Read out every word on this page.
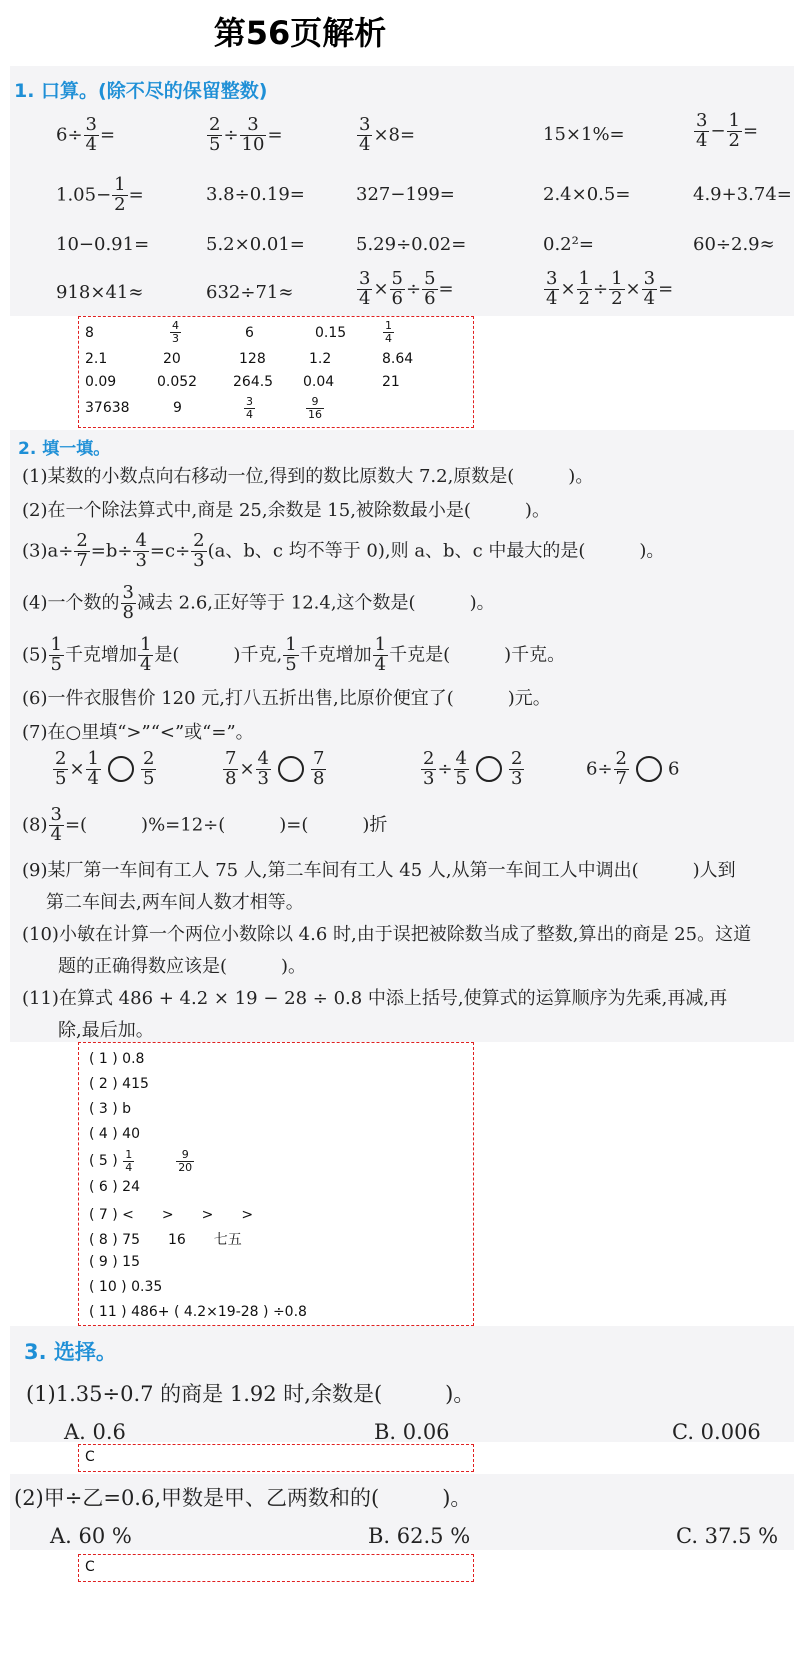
第56页解析
1. 口算。(除不尽的保留整数)
$6\div \frac{3}{4}$ =	$\frac{2}{5} \div \frac{3}{10}$ =	$\frac{3}{4} \times 8=$	15×1%=	$\frac{3}{4} - \frac{1}{2}$ =
$1.05- \frac{1}{2}$ =	3.8÷0.19=	327−199=	2.4×0.5=	4.9+3.74=
10−0.91=	5.2×0.01=	5.29÷0.02=	0.2²=	60÷2.9≈
918×41≈	632÷71≈	$\frac{3}{4} \times \frac{5}{6} \div \frac{5}{6}$ =	$\frac{3}{4} \times \frac{1}{2} \div \frac{1}{2} \times \frac{3}{4}$ =
8	$\frac{4}{3}$	6	0.15	$\frac{1}{4}$
2.1	20	128	1.2	8.64
0.09	0.052	264.5 0.04	21
37638	9	$\frac{3}{4}$	$\frac{9}{16}$
2. 填一填。
(1)某数的小数点向右移动一位,得到的数比原数大 7.2,原数是(　　　)。
(2)在一个除法算式中,商是 25,余数是 15,被除数最小是(　　　)。
$(3)a\div \frac{2}{7} =b\div \frac{4}{3} =c\div \frac{2}{3} (a$、b、c 均不等于 0),则 a、b、c 中最大的是(　　　)。
(4)一个数的 $\frac{3}{8}$ 减去 2.6,正好等于 12.4,这个数是(　　　)。
$(5) \frac{1}{5}$ 千克增加 $\frac{1}{4}$ 是(　　　)千克, $\frac{1}{5}$ 千克增加 $\frac{1}{4}$ 千克是(　　　)千克。
(6)一件衣服售价 120 元,打八五折出售,比原价便宜了(　　　)元。
(7)在○里填“>”“<”或“=”。
$\frac{2}{5} \times \frac{1}{4} \frac{2}{5}$	$\frac{7}{8} \times \frac{4}{3} \frac{7}{8}$	$\frac{2}{3} \div \frac{4}{5} \frac{2}{3}$	$6\div \frac{2}{7} 6$
$(8) \frac{3}{4}$ =(　　　)%=12÷(　　　)=(　　　)折
(9)某厂第一车间有工人 75 人,第二车间有工人 45 人,从第一车间工人中调出(　　　)人到
第二车间去,两车间人数才相等。
(10)小敏在计算一个两位小数除以 4.6 时,由于误把被除数当成了整数,算出的商是 25。这道
题的正确得数应该是(　　　)。
(11)在算式 486 + 4.2 × 19 − 28 ÷ 0.8 中添上括号,使算式的运算顺序为先乘,再减,再
除,最后加。
( 1 ) 0.8
( 2 ) 415
( 3 ) b
( 4 ) 40
( 5 ) $\frac{1}{4}$	$\frac{9}{20}$
( 6 ) 24
( 7 ) <　　>　　>　　>
( 8 ) 75　　16　　七五
( 9 ) 15
( 10 ) 0.35
( 11 ) 486+ ( 4.2×19-28 ) ÷0.8
3. 选择。
(1)1.35÷0.7 的商是 1.92 时,余数是(　　　)。
A. 0.6	B. 0.06	C. 0.006
C
(2)甲÷乙=0.6,甲数是甲、乙两数和的(　　　)。
A. 60 %	B. 62.5 %	C. 37.5 %
C
